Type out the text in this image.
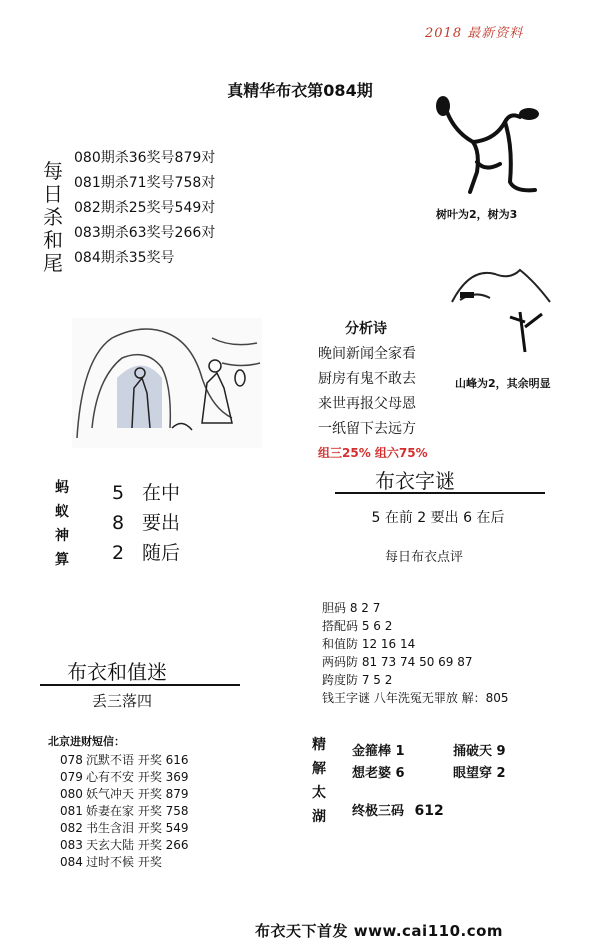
2018 最新资料
真精华布衣第084期
每日杀和尾
080期杀36奖号879对
081期杀71奖号758对
082期杀25奖号549对
083期杀63奖号266对
084期杀35奖号
树叶为2，树为3
山峰为2，其余明显
分析诗
晚间新闻全家看
厨房有鬼不敢去
来世再报父母恩
一纸留下去远方
组三25% 组六75%
布衣字谜
5 在前 2 要出 6 在后
每日布衣点评
蚂蚁神算
5 在中
8 要出
2 随后
胆码 8 2 7
搭配码 5 6 2
和值防 12 16 14
两码防 81 73 74 50 69 87
跨度防 7 5 2
钱王字谜 八年洗冤无罪放 解：805
布衣和值迷
丢三落四
北京进财短信：
078 沉默不语 开奖 616
079 心有不安 开奖 369
080 妖气冲天 开奖 879
081 娇妻在家 开奖 758
082 书生含泪 开奖 549
083 天玄大陆 开奖 266
084 过时不候 开奖
精解太湖
金箍棒 1	捅破天 9
想老婆 6	眼望穿 2
终极三码 612
布衣天下首发 www.cai110.com
